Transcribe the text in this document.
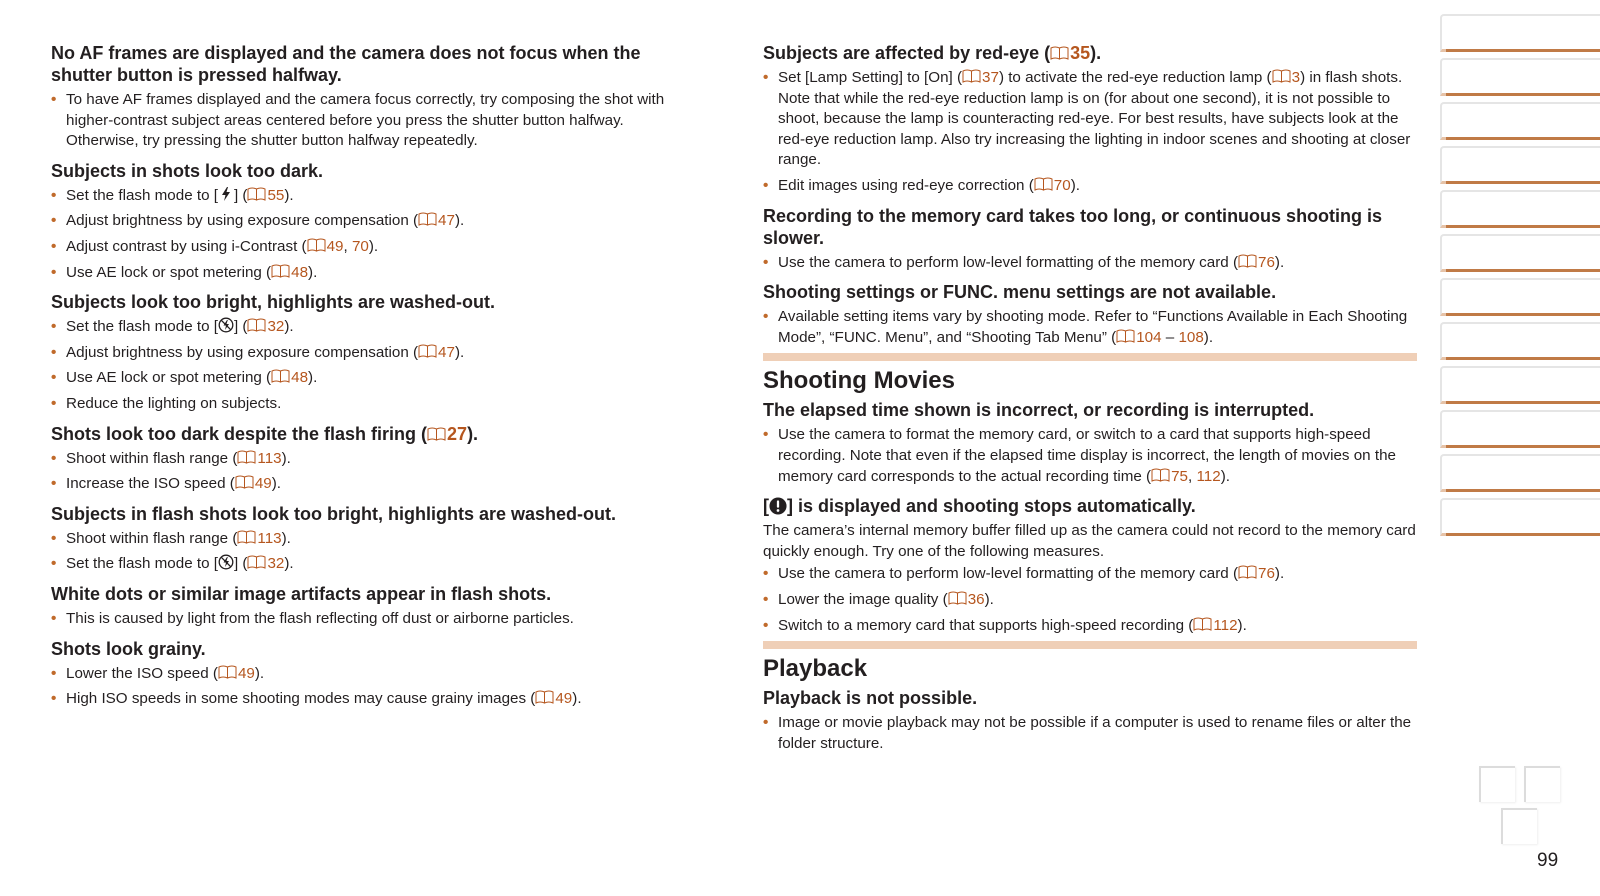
No AF frames are displayed and the camera does not focus when the shutter button is pressed halfway.
• To have AF frames displayed and the camera focus correctly, try composing the shot with higher-contrast subject areas centered before you press the shutter button halfway. Otherwise, try pressing the shutter button halfway repeatedly.
Subjects in shots look too dark.
• Set the flash mode to [ ] ( 55).
• Adjust brightness by using exposure compensation ( 47).
• Adjust contrast by using i-Contrast ( 49, 70).
• Use AE lock or spot metering ( 48).
Subjects look too bright, highlights are washed-out.
• Set the flash mode to [ ] ( 32).
• Adjust brightness by using exposure compensation ( 47).
• Use AE lock or spot metering ( 48).
• Reduce the lighting on subjects.
Shots look too dark despite the flash firing ( 27).
• Shoot within flash range ( 113).
• Increase the ISO speed ( 49).
Subjects in flash shots look too bright, highlights are washed-out.
• Shoot within flash range ( 113).
• Set the flash mode to [ ] ( 32).
White dots or similar image artifacts appear in flash shots.
• This is caused by light from the flash reflecting off dust or airborne particles.
Shots look grainy.
• Lower the ISO speed ( 49).
• High ISO speeds in some shooting modes may cause grainy images ( 49).
Subjects are affected by red-eye ( 35).
• Set [Lamp Setting] to [On] ( 37) to activate the red-eye reduction lamp ( 3) in flash shots. Note that while the red-eye reduction lamp is on (for about one second), it is not possible to shoot, because the lamp is counteracting red-eye. For best results, have subjects look at the red-eye reduction lamp. Also try increasing the lighting in indoor scenes and shooting at closer range.
• Edit images using red-eye correction ( 70).
Recording to the memory card takes too long, or continuous shooting is slower.
• Use the camera to perform low-level formatting of the memory card ( 76).
Shooting settings or FUNC. menu settings are not available.
• Available setting items vary by shooting mode. Refer to “Functions Available in Each Shooting Mode”, “FUNC. Menu”, and “Shooting Tab Menu” ( 104 – 108).
Shooting Movies
The elapsed time shown is incorrect, or recording is interrupted.
• Use the camera to format the memory card, or switch to a card that supports high-speed recording. Note that even if the elapsed time display is incorrect, the length of movies on the memory card corresponds to the actual recording time ( 75, 112).
[ ] is displayed and shooting stops automatically.
The camera’s internal memory buffer filled up as the camera could not record to the memory card quickly enough. Try one of the following measures.
• Use the camera to perform low-level formatting of the memory card ( 76).
• Lower the image quality ( 36).
• Switch to a memory card that supports high-speed recording ( 112).
Playback
Playback is not possible.
• Image or movie playback may not be possible if a computer is used to rename files or alter the folder structure.
99
